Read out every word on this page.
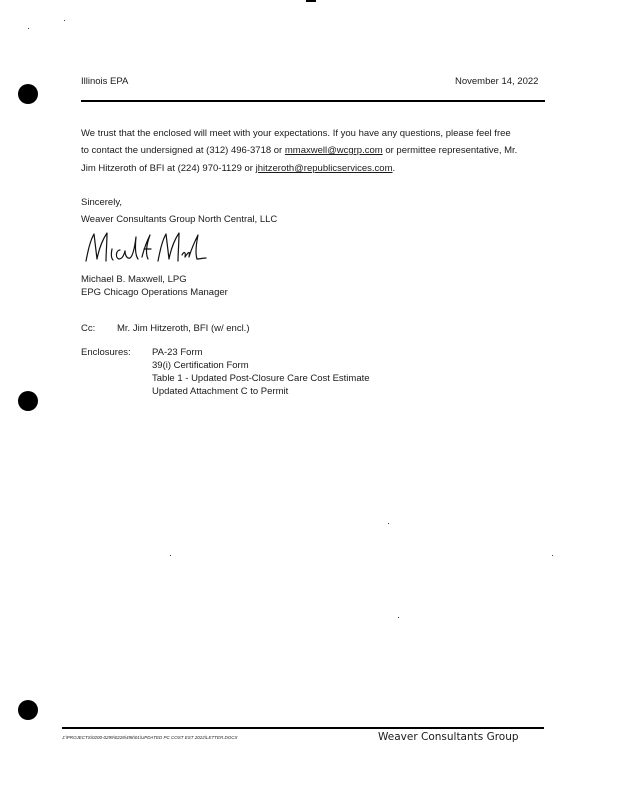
Illinois EPA	November 14, 2022
We trust that the enclosed will meet with your expectations. If you have any questions, please feel free
to contact the undersigned at (312) 496-3718 or mmaxwell@wcgrp.com or permittee representative, Mr.
Jim Hitzeroth of BFI at (224) 970-1129 or jhitzeroth@republicservices.com.
Sincerely,
Weaver Consultants Group North Central, LLC
Michael B. Maxwell, LPG
EPG Chicago Operations Manager
Cc: Mr. Jim Hitzeroth, BFI (w/ encl.)
Enclosures: PA-23 Form
39(i) Certification Form
Table 1 - Updated Post-Closure Care Cost Estimate
Updated Attachment C to Permit
J:\PROJECTS\0200-0299\0228\498\01\UPDATED PC COST EST 2022\LETTER.DOCX	Weaver Consultants Group
